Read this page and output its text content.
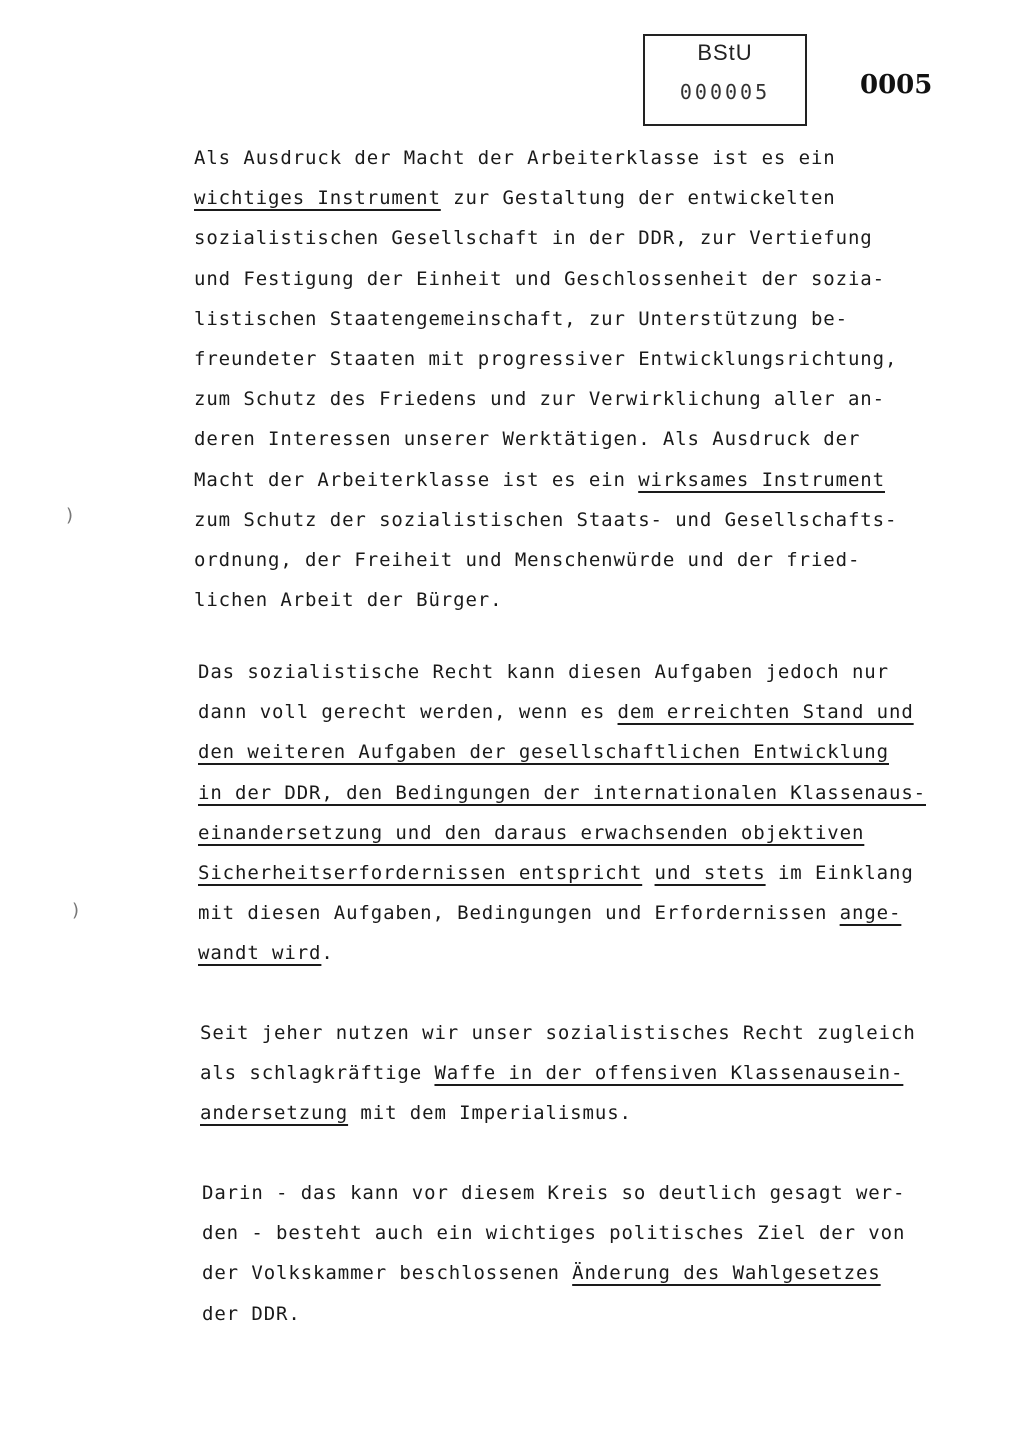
BStU
000005	0005
)
)
Als Ausdruck der Macht der Arbeiterklasse ist es ein
wichtiges Instrument zur Gestaltung der entwickelten
sozialistischen Gesellschaft in der DDR, zur Vertiefung
und Festigung der Einheit und Geschlossenheit der sozia-
listischen Staatengemeinschaft, zur Unterstützung be-
freundeter Staaten mit progressiver Entwicklungsrichtung,
zum Schutz des Friedens und zur Verwirklichung aller an-
deren Interessen unserer Werktätigen. Als Ausdruck der
Macht der Arbeiterklasse ist es ein wirksames Instrument
zum Schutz der sozialistischen Staats- und Gesellschafts-
ordnung, der Freiheit und Menschenwürde und der fried-
lichen Arbeit der Bürger.
Das sozialistische Recht kann diesen Aufgaben jedoch nur
dann voll gerecht werden, wenn es dem erreichten Stand und
den weiteren Aufgaben der gesellschaftlichen Entwicklung
in der DDR, den Bedingungen der internationalen Klassenaus-
einandersetzung und den daraus erwachsenden objektiven
Sicherheitserfordernissen entspricht und stets im Einklang
mit diesen Aufgaben, Bedingungen und Erfordernissen ange-
wandt wird.
Seit jeher nutzen wir unser sozialistisches Recht zugleich
als schlagkräftige Waffe in der offensiven Klassenausein-
andersetzung mit dem Imperialismus.
Darin - das kann vor diesem Kreis so deutlich gesagt wer-
den - besteht auch ein wichtiges politisches Ziel der von
der Volkskammer beschlossenen Änderung des Wahlgesetzes
der DDR.
